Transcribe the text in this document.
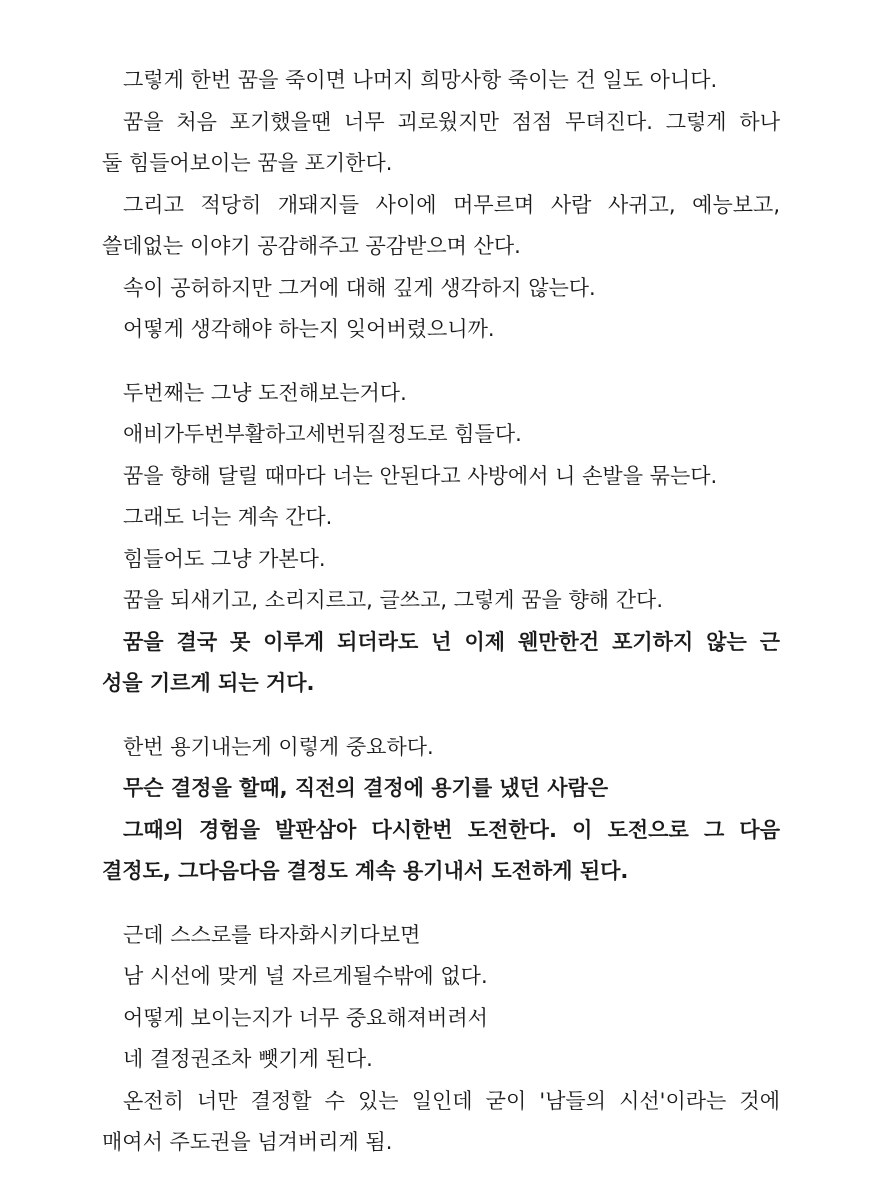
그렇게 한번 꿈을 죽이면 나머지 희망사항 죽이는 건 일도 아니다.

꿈을 처음 포기했을땐 너무 괴로웠지만 점점 무뎌진다. 그렇게 하나

둘 힘들어보이는 꿈을 포기한다.

그리고 적당히 개돼지들 사이에 머무르며 사람 사귀고, 예능보고,

쓸데없는 이야기 공감해주고 공감받으며 산다.

속이 공허하지만 그거에 대해 깊게 생각하지 않는다.

어떻게 생각해야 하는지 잊어버렸으니까.

두번째는 그냥 도전해보는거다.

애비가두번부활하고세번뒤질정도로 힘들다.

꿈을 향해 달릴 때마다 너는 안된다고 사방에서 니 손발을 묶는다.

그래도 너는 계속 간다.

힘들어도 그냥 가본다.

꿈을 되새기고, 소리지르고, 글쓰고, 그렇게 꿈을 향해 간다.

꿈을 결국 못 이루게 되더라도 넌 이제 웬만한건 포기하지 않는 근

성을 기르게 되는 거다.

한번 용기내는게 이렇게 중요하다.

무슨 결정을 할때, 직전의 결정에 용기를 냈던 사람은

그때의 경험을 발판삼아 다시한번 도전한다. 이 도전으로 그 다음

결정도, 그다음다음 결정도 계속 용기내서 도전하게 된다.

근데 스스로를 타자화시키다보면

남 시선에 맞게 널 자르게될수밖에 없다.

어떻게 보이는지가 너무 중요해져버려서

네 결정권조차 뺏기게 된다.

온전히 너만 결정할 수 있는 일인데 굳이 '남들의 시선'이라는 것에

매여서 주도권을 넘겨버리게 됨.
